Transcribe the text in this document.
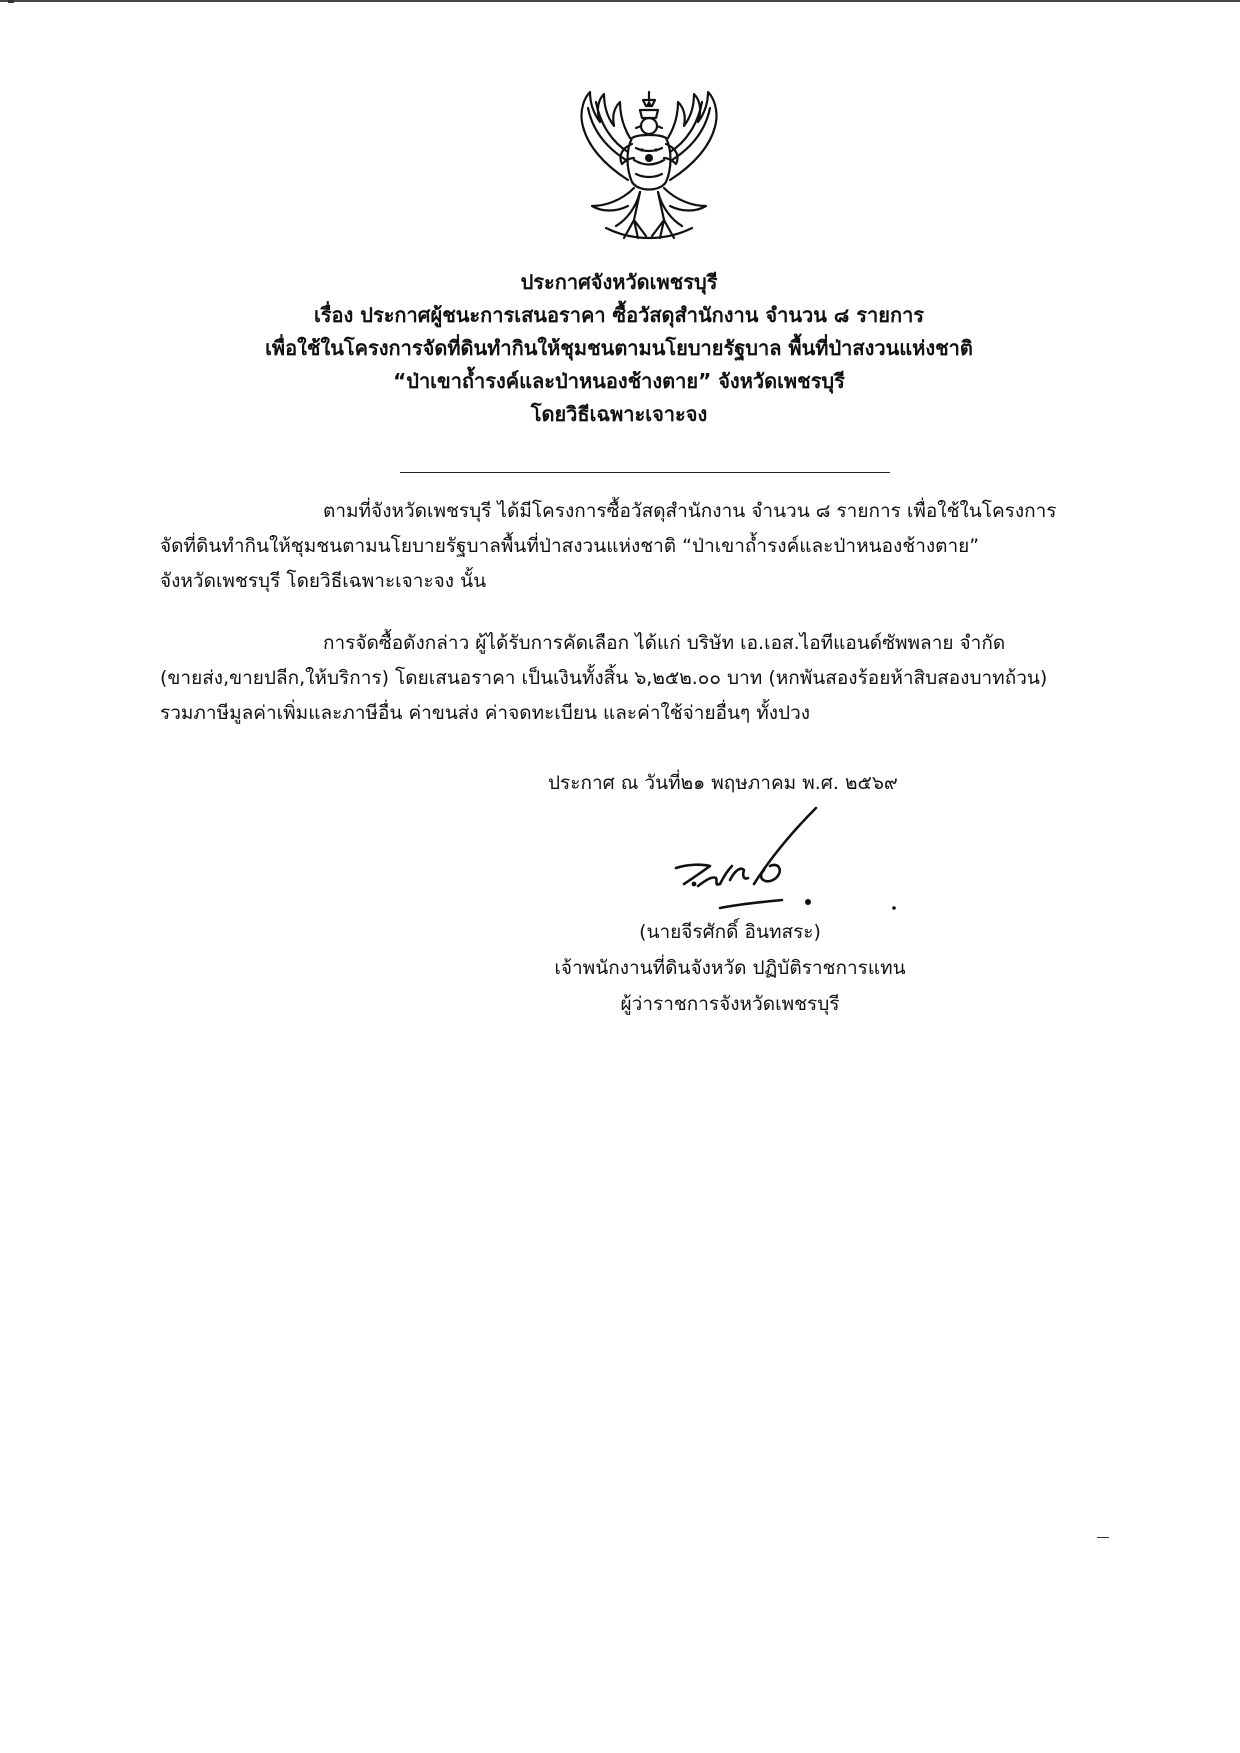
ประกาศจังหวัดเพชรบุรี
เรื่อง ประกาศผู้ชนะการเสนอราคา ซื้อวัสดุสำนักงาน จำนวน ๘ รายการ
เพื่อใช้ในโครงการจัดที่ดินทำกินให้ชุมชนตามนโยบายรัฐบาล พื้นที่ป่าสงวนแห่งชาติ
“ป่าเขาถ้ำรงค์และป่าหนองช้างตาย” จังหวัดเพชรบุรี
โดยวิธีเฉพาะเจาะจง
ตามที่จังหวัดเพชรบุรี ได้มีโครงการซื้อวัสดุสำนักงาน จำนวน ๘ รายการ เพื่อใช้ในโครงการ
จัดที่ดินทำกินให้ชุมชนตามนโยบายรัฐบาลพื้นที่ป่าสงวนแห่งชาติ “ป่าเขาถ้ำรงค์และป่าหนองช้างตาย”
จังหวัดเพชรบุรี โดยวิธีเฉพาะเจาะจง นั้น
การจัดซื้อดังกล่าว ผู้ได้รับการคัดเลือก ได้แก่ บริษัท เอ.เอส.ไอทีแอนด์ซัพพลาย จำกัด
(ขายส่ง,ขายปลีก,ให้บริการ) โดยเสนอราคา เป็นเงินทั้งสิ้น ๖,๒๕๒.๐๐ บาท (หกพันสองร้อยห้าสิบสองบาทถ้วน)
รวมภาษีมูลค่าเพิ่มและภาษีอื่น ค่าขนส่ง ค่าจดทะเบียน และค่าใช้จ่ายอื่นๆ ทั้งปวง
ประกาศ ณ วันที่๒๑ พฤษภาคม พ.ศ. ๒๕๖๙
(นายจีรศักดิ์ อินทสระ)
เจ้าพนักงานที่ดินจังหวัด ปฏิบัติราชการแทน
ผู้ว่าราชการจังหวัดเพชรบุรี
